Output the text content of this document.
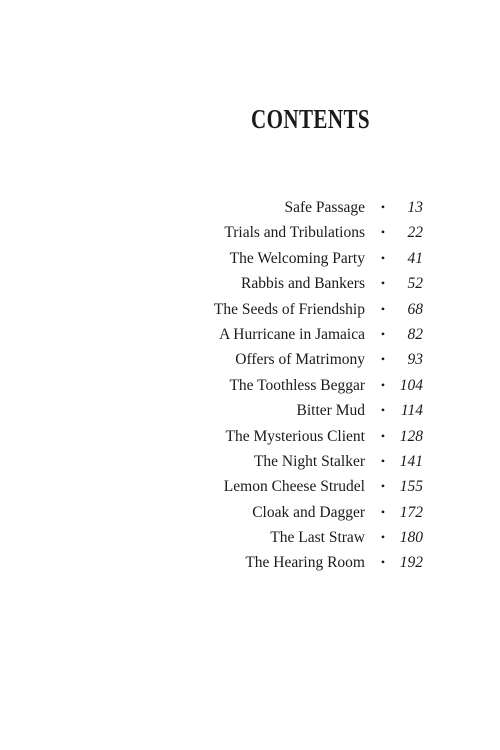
CONTENTS
Safe Passage • 13
Trials and Tribulations • 22
The Welcoming Party • 41
Rabbis and Bankers • 52
The Seeds of Friendship • 68
A Hurricane in Jamaica • 82
Offers of Matrimony • 93
The Toothless Beggar • 104
Bitter Mud • 114
The Mysterious Client • 128
The Night Stalker • 141
Lemon Cheese Strudel • 155
Cloak and Dagger • 172
The Last Straw • 180
The Hearing Room • 192
